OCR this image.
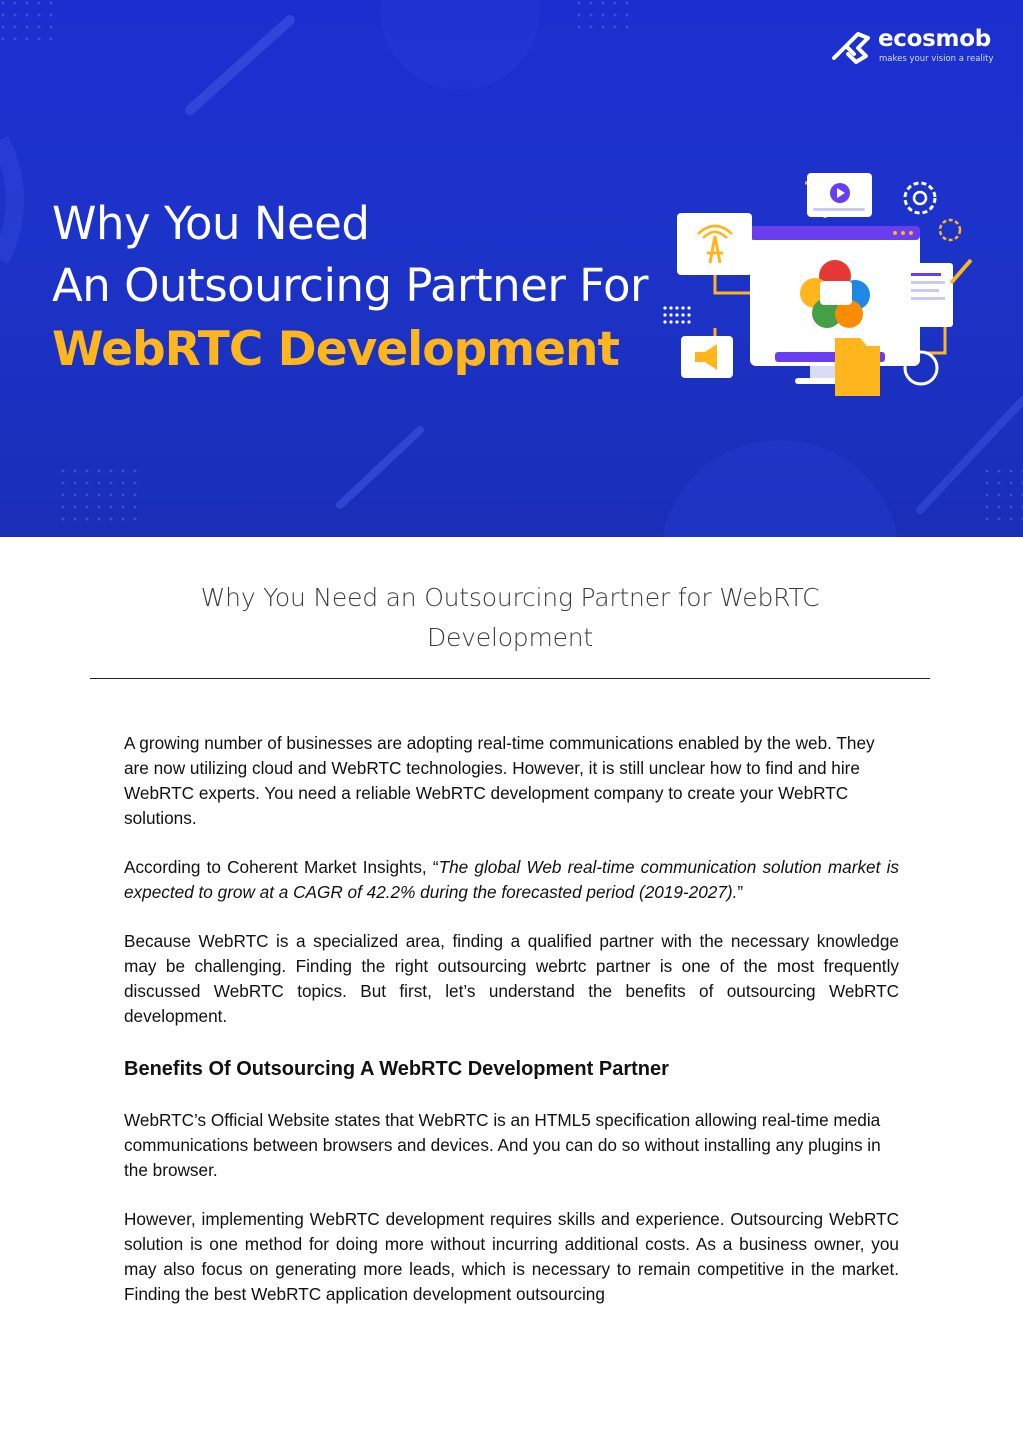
ecosmob
makes your vision a reality
Why You Need
An Outsourcing Partner For
WebRTC Development
Why You Need an Outsourcing Partner for WebRTC
Development

A growing number of businesses are adopting real-time communications enabled by the web. They are now utilizing cloud and WebRTC technologies. However, it is still unclear how to find and hire WebRTC experts. You need a reliable WebRTC development company to create your WebRTC solutions.

According to Coherent Market Insights, “The global Web real-time communication solution market is expected to grow at a CAGR of 42.2% during the forecasted period (2019-2027).”

Because WebRTC is a specialized area, finding a qualified partner with the necessary knowledge may be challenging. Finding the right outsourcing webrtc partner is one of the most frequently discussed WebRTC topics. But first, let’s understand the benefits of outsourcing WebRTC development.

Benefits Of Outsourcing A WebRTC Development Partner

WebRTC’s Official Website states that WebRTC is an HTML5 specification allowing real-time media communications between browsers and devices. And you can do so without installing any plugins in the browser.

However, implementing WebRTC development requires skills and experience. Outsourcing WebRTC solution is one method for doing more without incurring additional costs. As a business owner, you may also focus on generating more leads, which is necessary to remain competitive in the market. Finding the best WebRTC application development outsourcing
